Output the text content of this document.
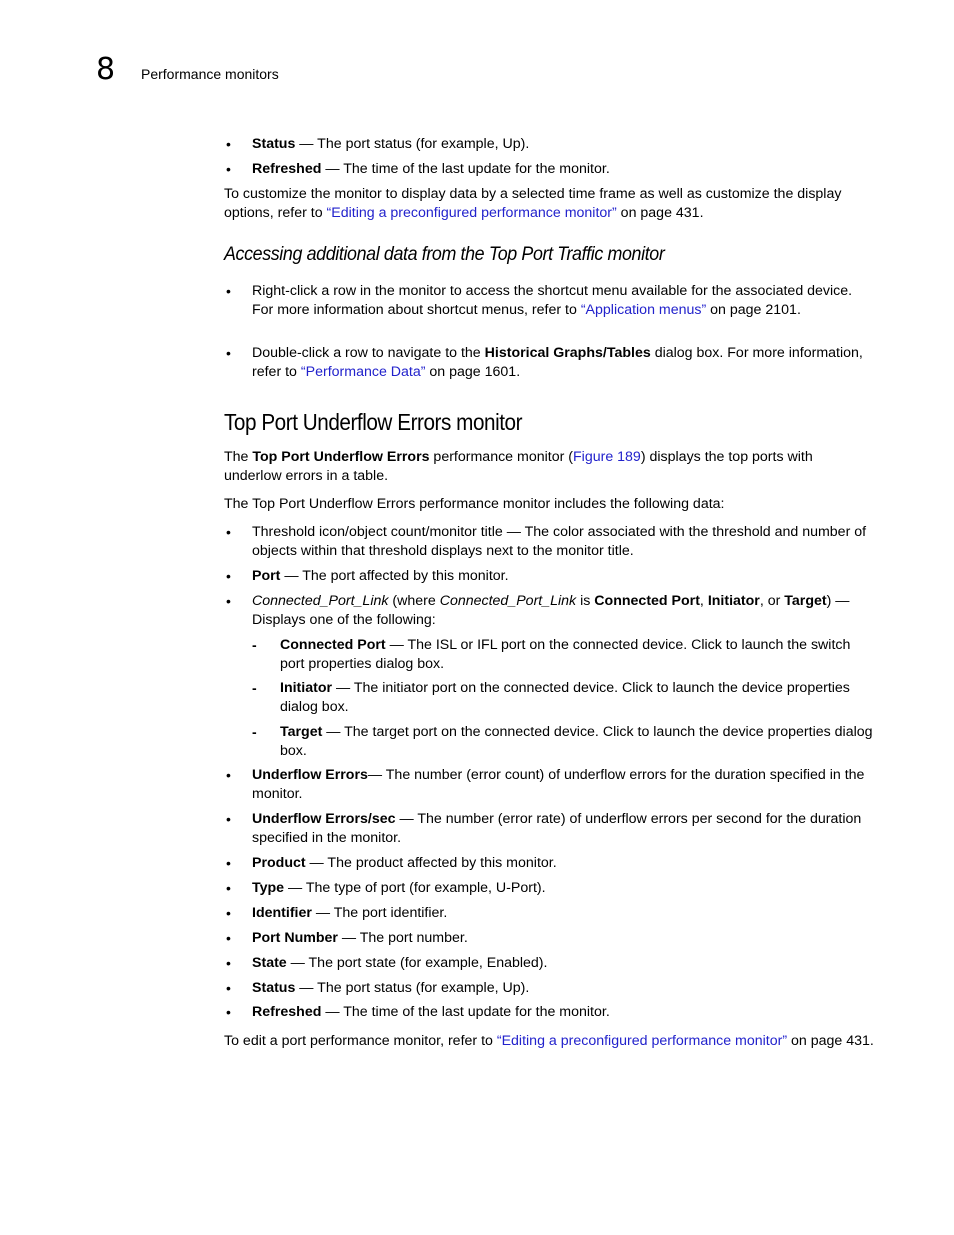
8 Performance monitors
• Status — The port status (for example, Up).

• Refreshed — The time of the last update for the monitor.

To customize the monitor to display data by a selected time frame as well as customize the display options, refer to “Editing a preconfigured performance monitor” on page 431.

Accessing additional data from the Top Port Traffic monitor
• Right-click a row in the monitor to access the shortcut menu available for the associated device. For more information about shortcut menus, refer to “Application menus” on page 2101.

• Double-click a row to navigate to the Historical Graphs/Tables dialog box. For more information, refer to “Performance Data” on page 1601.

Top Port Underflow Errors monitor

The Top Port Underflow Errors performance monitor (Figure 189) displays the top ports with underlow errors in a table.

The Top Port Underflow Errors performance monitor includes the following data:

• Threshold icon/object count/monitor title — The color associated with the threshold and number of objects within that threshold displays next to the monitor title.

• Port — The port affected by this monitor.

• Connected_Port_Link (where Connected_Port_Link is Connected Port, Initiator, or Target) — Displays one of the following:

- Connected Port — The ISL or IFL port on the connected device. Click to launch the switch port properties dialog box.

- Initiator — The initiator port on the connected device. Click to launch the device properties dialog box.

- Target — The target port on the connected device. Click to launch the device properties dialog box.

• Underflow Errors— The number (error count) of underflow errors for the duration specified in the monitor.

• Underflow Errors/sec — The number (error rate) of underflow errors per second for the duration specified in the monitor.

• Product — The product affected by this monitor.

• Type — The type of port (for example, U-Port).

• Identifier — The port identifier.

• Port Number — The port number.

• State — The port state (for example, Enabled).

• Status — The port status (for example, Up).

• Refreshed — The time of the last update for the monitor.

To edit a port performance monitor, refer to “Editing a preconfigured performance monitor” on page 431.
